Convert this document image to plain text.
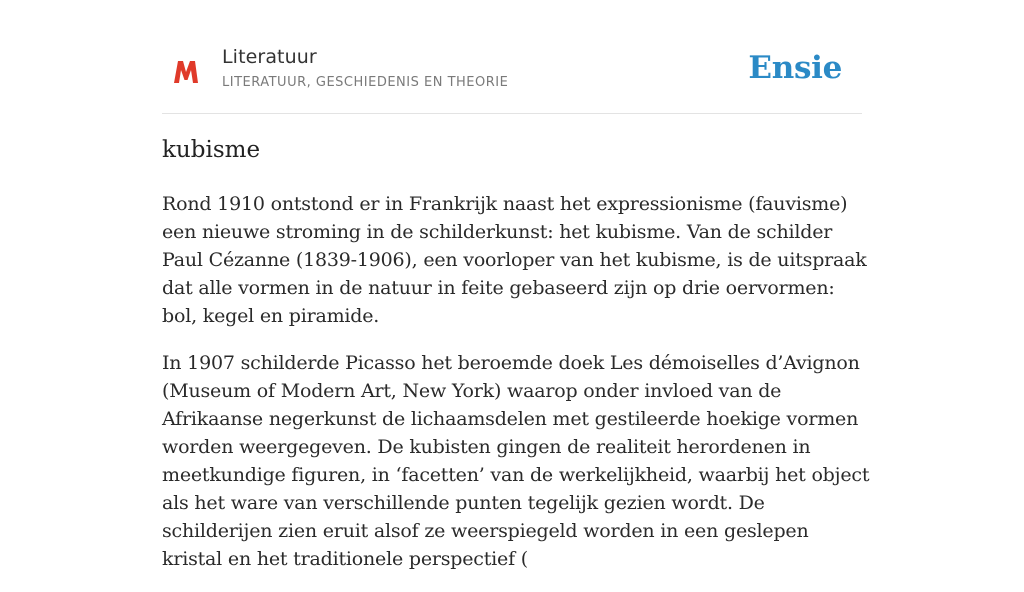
Literatuur
LITERATUUR, GESCHIEDENIS EN THEORIE	Ensie
kubisme

Rond 1910 ontstond er in Frankrijk naast het expressionisme (fauvisme) een nieuwe stroming in de schilderkunst: het kubisme. Van de schilder Paul Cézanne (1839-1906), een voorloper van het kubisme, is de uitspraak dat alle vormen in de natuur in feite gebaseerd zijn op drie oervormen: bol, kegel en piramide.

In 1907 schilderde Picasso het beroemde doek Les démoiselles d’Avignon (Museum of Modern Art, New York) waarop onder invloed van de Afrikaanse negerkunst de lichaamsdelen met gestileerde hoekige vormen worden weergegeven. De kubisten gingen de realiteit herordenen in meetkundige figuren, in ‘facetten’ van de werkelijkheid, waarbij het object als het ware van verschillende punten tegelijk gezien wordt. De schilderijen zien eruit alsof ze weerspiegeld worden in een geslepen kristal en het traditionele perspectief (
